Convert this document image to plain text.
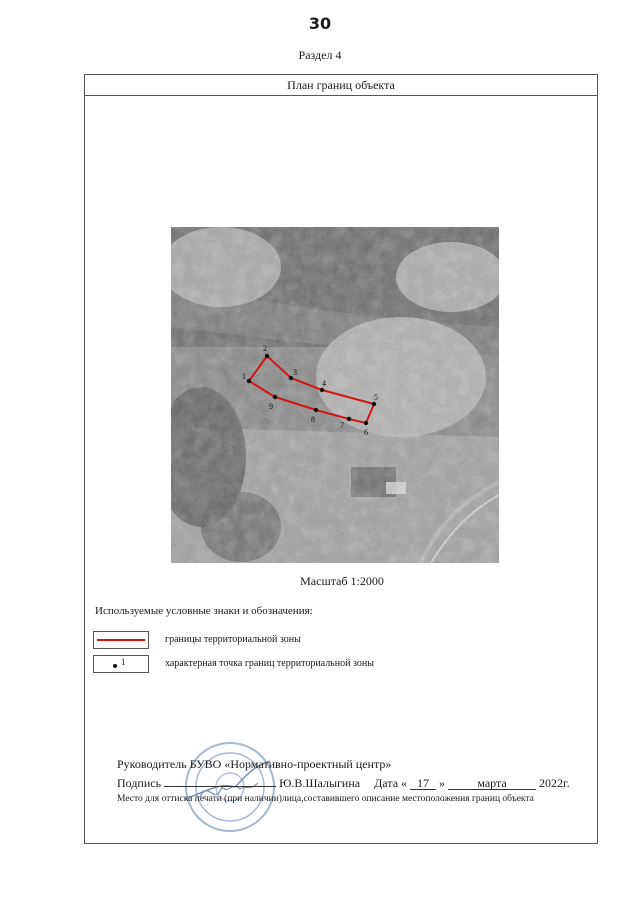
30
Раздел 4
План границ объекта
1
2
3
4
5
6
7
8
9
Масштаб 1:2000
Используемые условные знаки и обозначения:
границы территориальной зоны
1	характерная точка границ территориальной зоны
Руководитель БУВО «Нормативно-проектный центр»
Подпись	Ю.В.Шалыгина Дата « 17 »	марта	2022г.
Место для оттиска печати (при наличии)лица,составившего описание местоположения границ объекта
